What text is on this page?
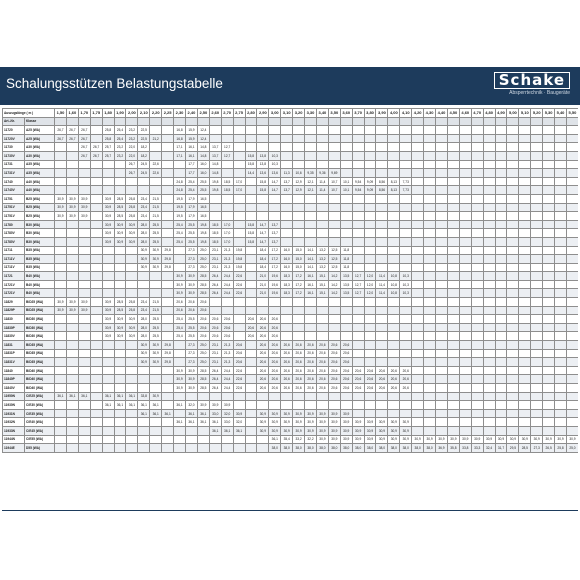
Schalungsstützen Belastungstabelle	Schake
Absperrtechnik · Baugeräte
Auszugslänge ( m )		1,50	1,60	1,70	1,75	1,80	1,90	2,00	2,10	2,20	2,25	2,30	2,40	2,50	2,60	2,70	2,75	2,80	2,90	3,00	3,10	3,20	3,30	3,40	3,50	3,60	3,70	3,80	3,90	4,00	4,10	4,20	4,30	4,40	4,50	4,60	4,70	4,80	4,90	5,00	5,10	5,20	5,30	5,40	5,50	
Art.-Nr.	Klasse																																													
11720	A25 (WA)	26,7	26,7	26,7		25,8	25,4	23,2	22,5			16,8	15,9	12,4																																
11720V	A25 (WA)	26,7	26,7	26,7		25,8	25,4	23,2	22,5	21,2		16,8	15,9	12,4																																
11730	A30 (WA)			26,7	26,7	25,7	23,2	22,0	18,2			17,1	16,1	14,8	13,7	12,7																														
11730V	A30 (WA)			26,7	26,7	25,7	23,2	22,0	18,2			17,1	16,1	14,8	13,7	12,7		15,8	13,8	10,3																										
11731	A35 (WA)							26,7	24,5	22,6			17,7	16,0	14,8			15,8	13,8	10,3																										
11731V	A35 (WA)							26,7	24,5	22,6			17,7	16,0	14,8			14,4	13,6	13,6	11,3	10,6	9,35	9,36	9,69																					
11740	A40 (WA)											24,8	25,4	25,5	19,8	18,5	17,0		15,8	14,7	13,7	12,9	12,1	11,4	10,7	10,1	9,54	9,09	8,56	8,13	7,73															
11740V	A40 (WA)											24,8	25,4	25,5	19,8	18,5	17,0		15,8	14,7	13,7	12,9	12,1	11,4	10,7	10,1	9,54	9,09	8,56	8,13	7,73															
11751	B25 (WA)	30,9	30,9	30,9		30,9	28,5	25,8	23,4	21,5		19,5	17,9	16,5																																
11751V	B25 (WA)	30,9	30,9	30,9		30,9	28,5	25,8	23,4	21,5		19,5	17,9	16,5																																
11751V	B25 (WA)	30,9	30,9	30,9		30,9	28,5	25,8	23,4	21,5		19,5	17,9	16,5																																
11780	B30 (WA)					30,9	30,9	30,9	28,0	25,5		25,4	25,5	19,8	18,5	17,0		15,8	14,7	13,7																										
11780V	B30 (WA)					30,9	30,9	30,9	28,0	25,5		25,4	25,5	19,8	18,5	17,0		15,8	14,7	13,7																										
11780V	B30 (WA)					30,9	30,9	30,9	28,0	25,5		25,4	25,5	19,8	18,5	17,0		15,8	14,7	13,7																										
11711	B35 (WA)								30,9	30,9	29,8		27,3	25,0	23,1	21,3	19,8		18,4	17,2	16,0	15,0	14,1	13,2	12,5	11,8																				
11711V	B35 (WA)								30,9	30,9	29,8		27,3	25,0	23,1	21,3	19,8		18,4	17,2	16,0	15,0	14,1	13,2	12,5	11,8																				
11711V	B35 (WA)								30,9	30,9	29,8		27,3	25,0	23,1	21,3	19,8		18,4	17,2	16,0	15,0	14,1	13,2	12,5	11,8																				
11721	B40 (WA)											30,9	30,9	28,5	26,4	24,4	22,6		21,0	19,6	18,3	17,2	16,1	15,1	14,2	13,5	12,7	12,0	11,4	10,8	10,3															
11721V	B40 (WA)											30,9	30,9	28,5	26,4	24,4	22,6		21,0	19,6	18,3	17,2	16,1	15,1	14,2	13,5	12,7	12,0	11,4	10,8	10,3															
11721V	B40 (WA)											30,9	30,9	28,5	26,4	24,4	22,6		21,0	19,6	18,3	17,2	16,1	15,1	14,2	13,5	12,7	12,0	11,4	10,8	10,3															
11829	B/D25 (WA)	30,9	30,9	30,9		30,9	28,5	25,8	23,4	21,5		20,6	20,6	20,6																																
11829P	B/D25 (WA)	30,9	30,9	30,9		30,9	28,5	25,8	23,4	21,5		20,6	20,6	20,6																																
11830	B/D30 (WA)					30,9	30,9	30,9	28,0	25,5		25,4	25,5	20,6	20,6	20,6		20,6	20,6	20,6																										
11830P	B/D30 (WA)					30,9	30,9	30,9	28,0	25,5		25,4	25,5	20,6	20,6	20,6		20,6	20,6	20,6																										
11830V	B/D30 (WA)					30,9	30,9	30,9	28,0	25,5		25,4	25,5	20,6	20,6	20,6		20,6	20,6	20,6																										
11831	B/D35 (WA)								30,9	30,9	29,8		27,3	25,0	23,1	21,3	20,6		20,6	20,6	20,6	20,6	20,6	20,6	20,6	20,6																				
11831P	B/D35 (WA)								30,9	30,9	29,8		27,3	25,0	23,1	21,3	20,6		20,6	20,6	20,6	20,6	20,6	20,6	20,6	20,6																				
11831V	B/D35 (WA)								30,9	30,9	29,8		27,3	25,0	23,1	21,3	20,6		20,6	20,6	20,6	20,6	20,6	20,6	20,6	20,6																				
11840	B/D40 (WA)											30,9	30,9	28,5	26,4	24,4	22,6		20,6	20,6	20,6	20,6	20,6	20,6	20,6	20,6	20,6	20,6	20,6	20,6	20,6															
11840P	B/D40 (WA)											30,9	30,9	28,5	26,4	24,4	22,6		20,6	20,6	20,6	20,6	20,6	20,6	20,6	20,6	20,6	20,6	20,6	20,6	20,6															
11840V	B/D40 (WA)											30,9	30,9	28,5	26,4	24,4	22,6		20,6	20,6	20,6	20,6	20,6	20,6	20,6	20,6	20,6	20,6	20,6	20,6	20,6															
11950N	C/E25 (WA)	36,1	36,1	36,1		36,1	36,1	36,1	33,8	30,9																																				
11930N	C/E30 (WA)					36,1	36,1	36,1	36,1	36,1		36,1	32,0	30,9	30,9	30,9																														
11931N	C/E35 (WA)								36,1	36,1	36,1		36,1	36,1	33,0	32,0	30,9		30,9	30,9	30,9	30,9	30,9	30,9	30,9	30,9																				
11932N	C/E40 (WA)											36,1	36,1	36,1	36,1	33,0	32,0		30,9	30,9	30,9	30,9	30,9	30,9	30,9	30,9	30,9	30,9	30,9	30,9	30,9															
11933N	C/E45 (WA)														36,1	36,1	36,1		30,9	30,9	30,9	30,9	30,9	30,9	30,9	30,9	30,9	30,9	30,9	30,9	30,9															
11944N	C/E55 (WA)																			36,1	35,4	33,2	32,2	30,9	30,9	30,9	30,9	30,9	30,9	30,9	30,9	30,9	30,9	30,9	30,9	30,9	30,9	30,9	30,9	30,9	30,9	30,9	30,9	30,9	30,9	
11944E	D55 (WA)																			38,0	38,0	38,0	38,0	38,0	38,0	38,0	38,0	38,0	38,0	38,0	38,0	38,0	38,0	36,9	35,8	33,8	33,3	32,4	31,7	29,5	28,5	27,3	26,5	25,8	25,0	
